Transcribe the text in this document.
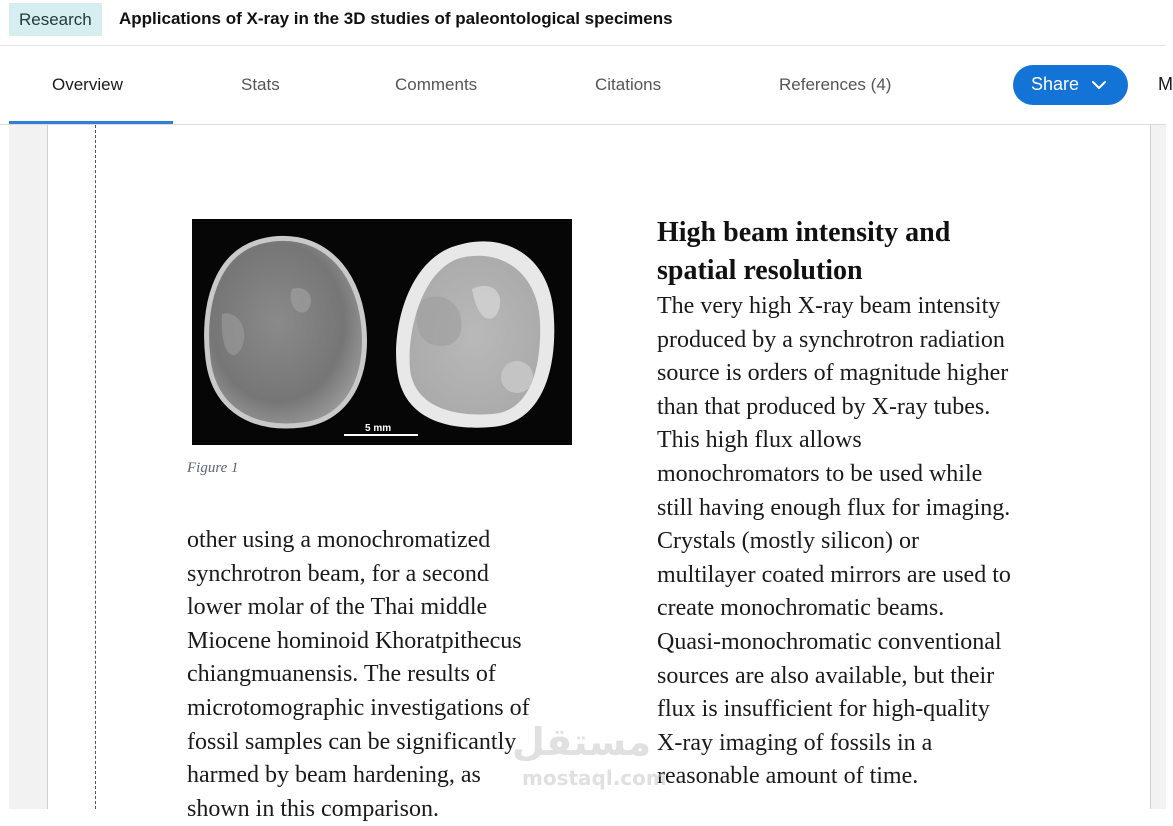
Research	Applications of X-ray in the 3D studies of paleontological specimens
Overview	Stats	Comments	Citations	References (4)	Share	M
5 mm
Figure 1
other using a monochromatized
synchrotron beam, for a second
lower molar of the Thai middle
Miocene hominoid Khoratpithecus
chiangmuanensis. The results of
microtomographic investigations of
fossil samples can be significantly
harmed by beam hardening, as
shown in this comparison.
High beam intensity and
spatial resolution
The very high X-ray beam intensity
produced by a synchrotron radiation
source is orders of magnitude higher
than that produced by X-ray tubes.
This high flux allows
monochromators to be used while
still having enough flux for imaging.
Crystals (mostly silicon) or
multilayer coated mirrors are used to
create monochromatic beams.
Quasi-monochromatic conventional
sources are also available, but their
flux is insufficient for high-quality
X-ray imaging of fossils in a
reasonable amount of time.
مستقل
mostaql.com
